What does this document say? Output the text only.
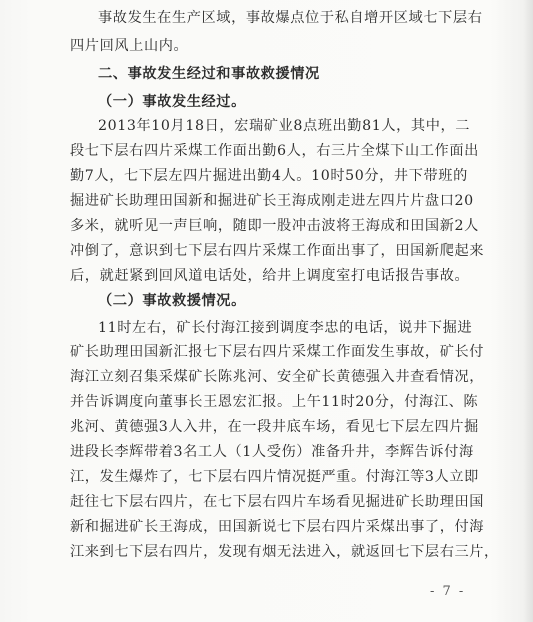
事故发生在生产区域，事故爆点位于私自增开区域七下层右
四片回风上山内。
二、事故发生经过和事故救援情况
（一）事故发生经过。
2013年10月18日，宏瑞矿业8点班出勤81人，其中，二
段七下层右四片采煤工作面出勤6人，右三片全煤下山工作面出
勤7人，七下层左四片掘进出勤4人。10时50分，井下带班的
掘进矿长助理田国新和掘进矿长王海成刚走进左四片片盘口20
多米，就听见一声巨响，随即一股冲击波将王海成和田国新2人
冲倒了，意识到七下层右四片采煤工作面出事了，田国新爬起来
后，就赶紧到回风道电话处，给井上调度室打电话报告事故。
（二）事故救援情况。
11时左右，矿长付海江接到调度李忠的电话，说井下掘进
矿长助理田国新汇报七下层右四片采煤工作面发生事故，矿长付
海江立刻召集采煤矿长陈兆河、安全矿长黄德强入井查看情况，
并告诉调度向董事长王恩宏汇报。上午11时20分，付海江、陈
兆河、黄德强3人入井，在一段井底车场，看见七下层左四片掘
进段长李辉带着3名工人（1人受伤）准备升井，李辉告诉付海
江，发生爆炸了，七下层右四片情况挺严重。付海江等3人立即
赶往七下层右四片，在七下层右四片车场看见掘进矿长助理田国
新和掘进矿长王海成，田国新说七下层右四片采煤出事了，付海
江来到七下层右四片，发现有烟无法进入，就返回七下层右三片，
- 7 -
